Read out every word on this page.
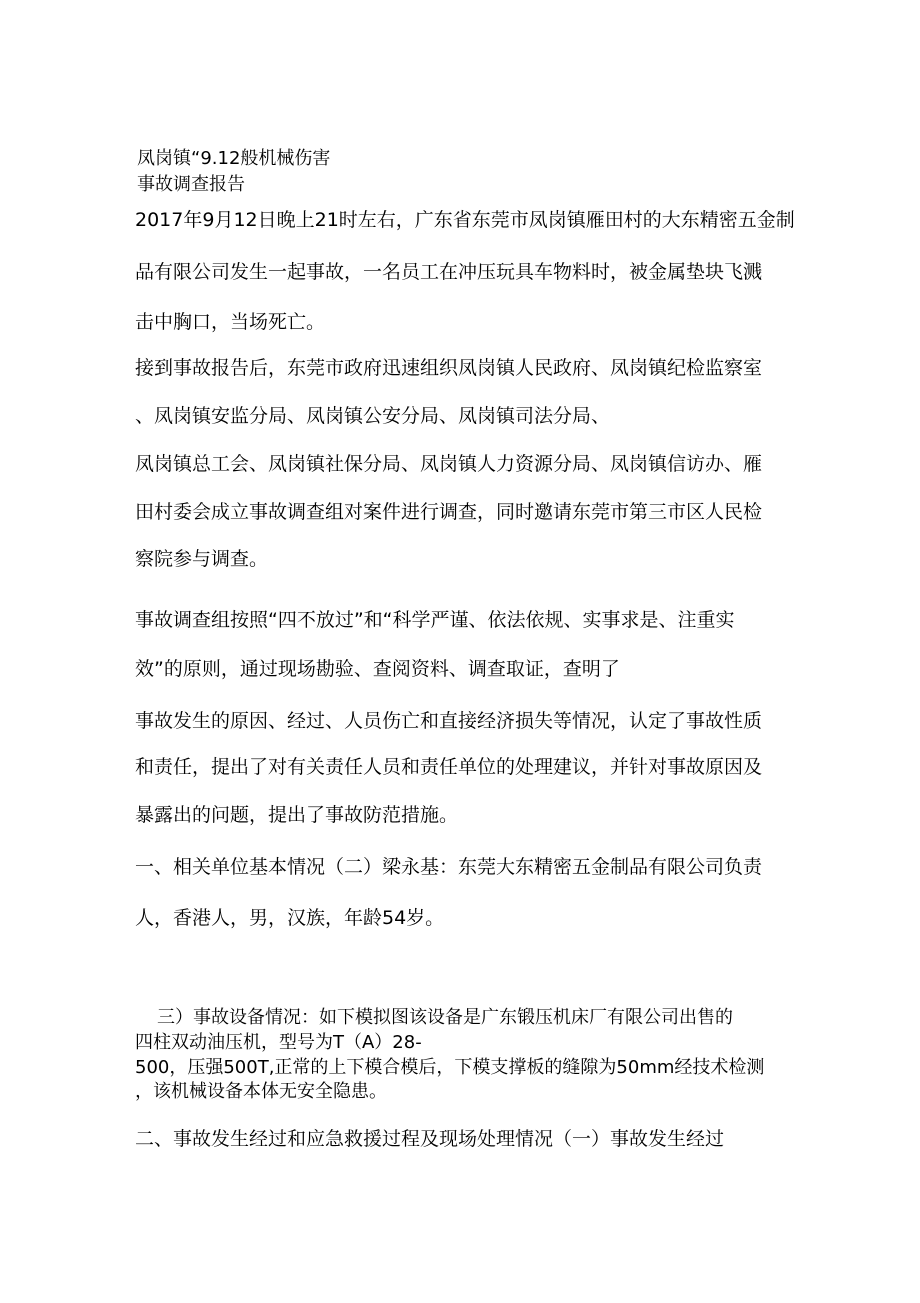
凤岗镇“9.12般机械伤害
事故调查报告
2017年9月12日晚上21时左右，广东省东莞市凤岗镇雁田村的大东精密五金制
品有限公司发生一起事故，一名员工在冲压玩具车物料时，被金属垫块飞溅
击中胸口，当场死亡。
接到事故报告后，东莞市政府迅速组织凤岗镇人民政府、凤岗镇纪检监察室
、凤岗镇安监分局、凤岗镇公安分局、凤岗镇司法分局、
凤岗镇总工会、凤岗镇社保分局、凤岗镇人力资源分局、凤岗镇信访办、雁
田村委会成立事故调查组对案件进行调查，同时邀请东莞市第三市区人民检
察院参与调查。
事故调查组按照“四不放过”和“科学严谨、依法依规、实事求是、注重实
效”的原则，通过现场勘验、查阅资料、调查取证，查明了
事故发生的原因、经过、人员伤亡和直接经济损失等情况，认定了事故性质
和责任，提出了对有关责任人员和责任单位的处理建议，并针对事故原因及
暴露出的问题，提出了事故防范措施。
一、相关单位基本情况（二）梁永基：东莞大东精密五金制品有限公司负责
人，香港人，男，汉族，年龄54岁。
三）事故设备情况：如下模拟图该设备是广东锻压机床厂有限公司出售的
四柱双动油压机，型号为T（A）28-
500，压强500T,正常的上下模合模后，下模支撑板的缝隙为50mm经技术检测
，该机械设备本体无安全隐患。
二、事故发生经过和应急救援过程及现场处理情况（一）事故发生经过
